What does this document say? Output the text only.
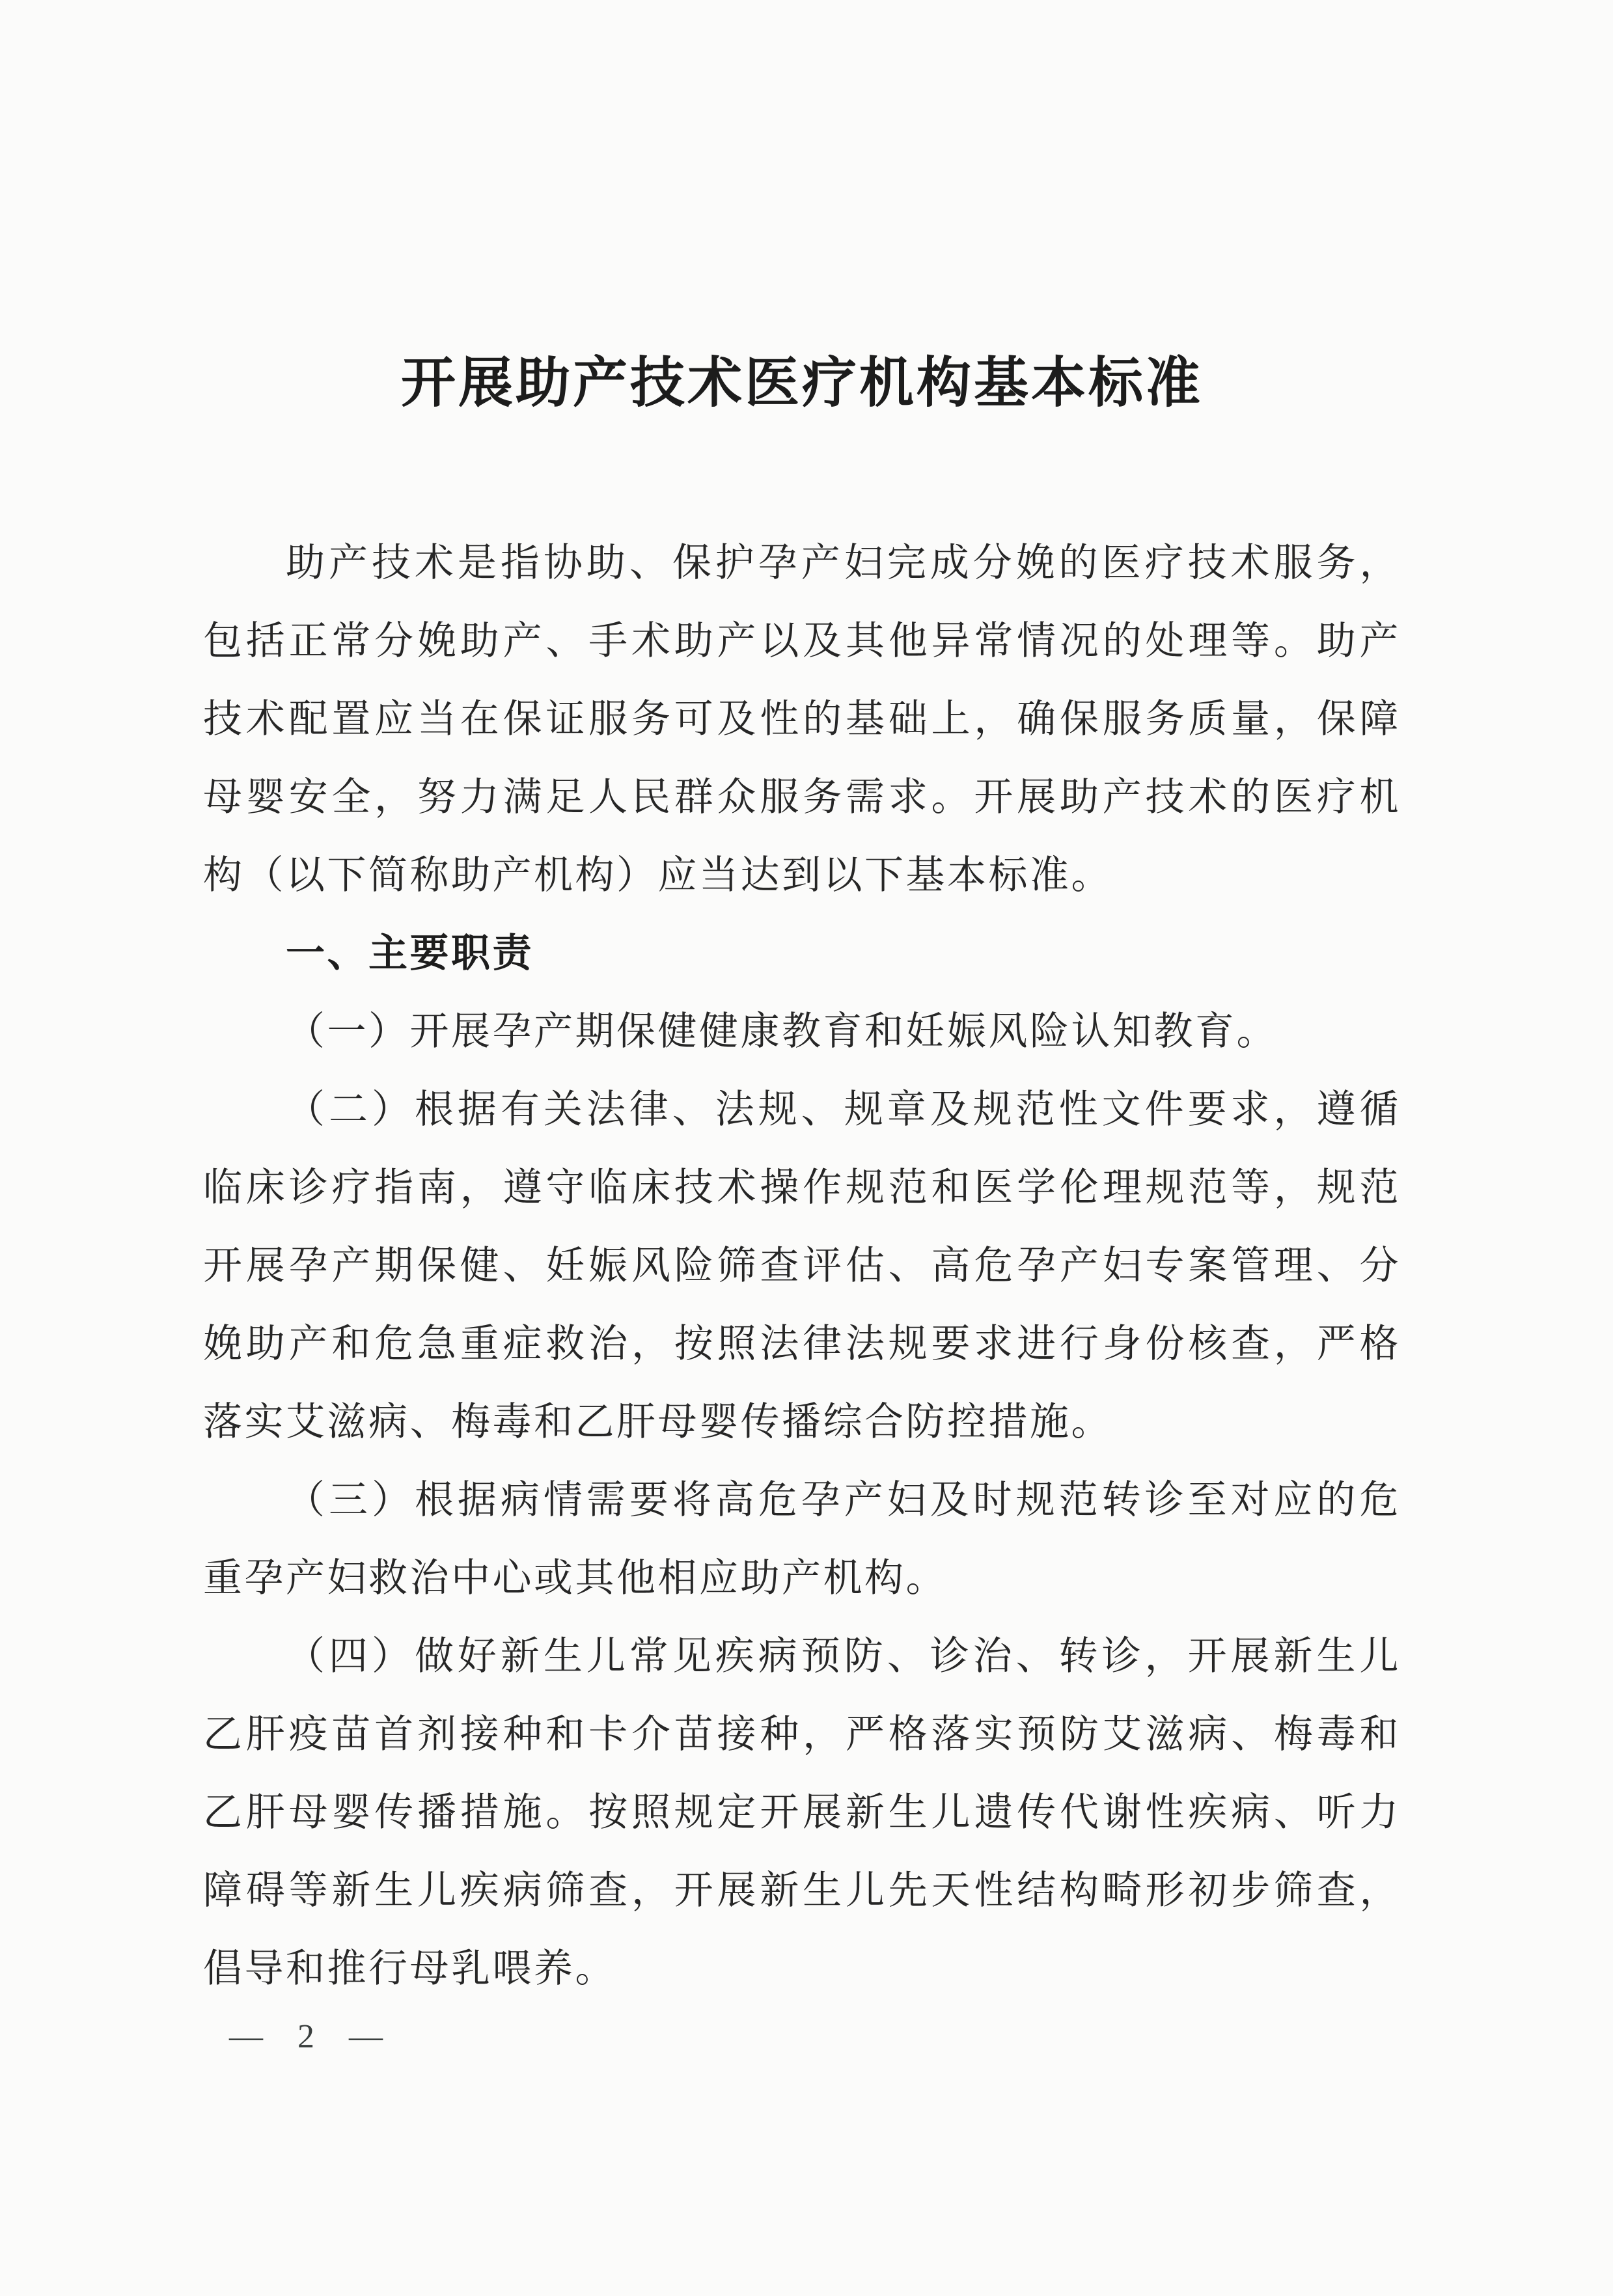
开展助产技术医疗机构基本标准

助产技术是指协助、保护孕产妇完成分娩的医疗技术服务，包括正常分娩助产、手术助产以及其他异常情况的处理等。助产技术配置应当在保证服务可及性的基础上，确保服务质量，保障母婴安全，努力满足人民群众服务需求。开展助产技术的医疗机构（以下简称助产机构）应当达到以下基本标准。

一、主要职责

（一）开展孕产期保健健康教育和妊娠风险认知教育。

（二）根据有关法律、法规、规章及规范性文件要求，遵循临床诊疗指南，遵守临床技术操作规范和医学伦理规范等，规范开展孕产期保健、妊娠风险筛查评估、高危孕产妇专案管理、分娩助产和危急重症救治，按照法律法规要求进行身份核查，严格落实艾滋病、梅毒和乙肝母婴传播综合防控措施。

（三）根据病情需要将高危孕产妇及时规范转诊至对应的危重孕产妇救治中心或其他相应助产机构。

（四）做好新生儿常见疾病预防、诊治、转诊，开展新生儿乙肝疫苗首剂接种和卡介苗接种，严格落实预防艾滋病、梅毒和乙肝母婴传播措施。按照规定开展新生儿遗传代谢性疾病、听力障碍等新生儿疾病筛查，开展新生儿先天性结构畸形初步筛查，倡导和推行母乳喂养。

— 2 —
